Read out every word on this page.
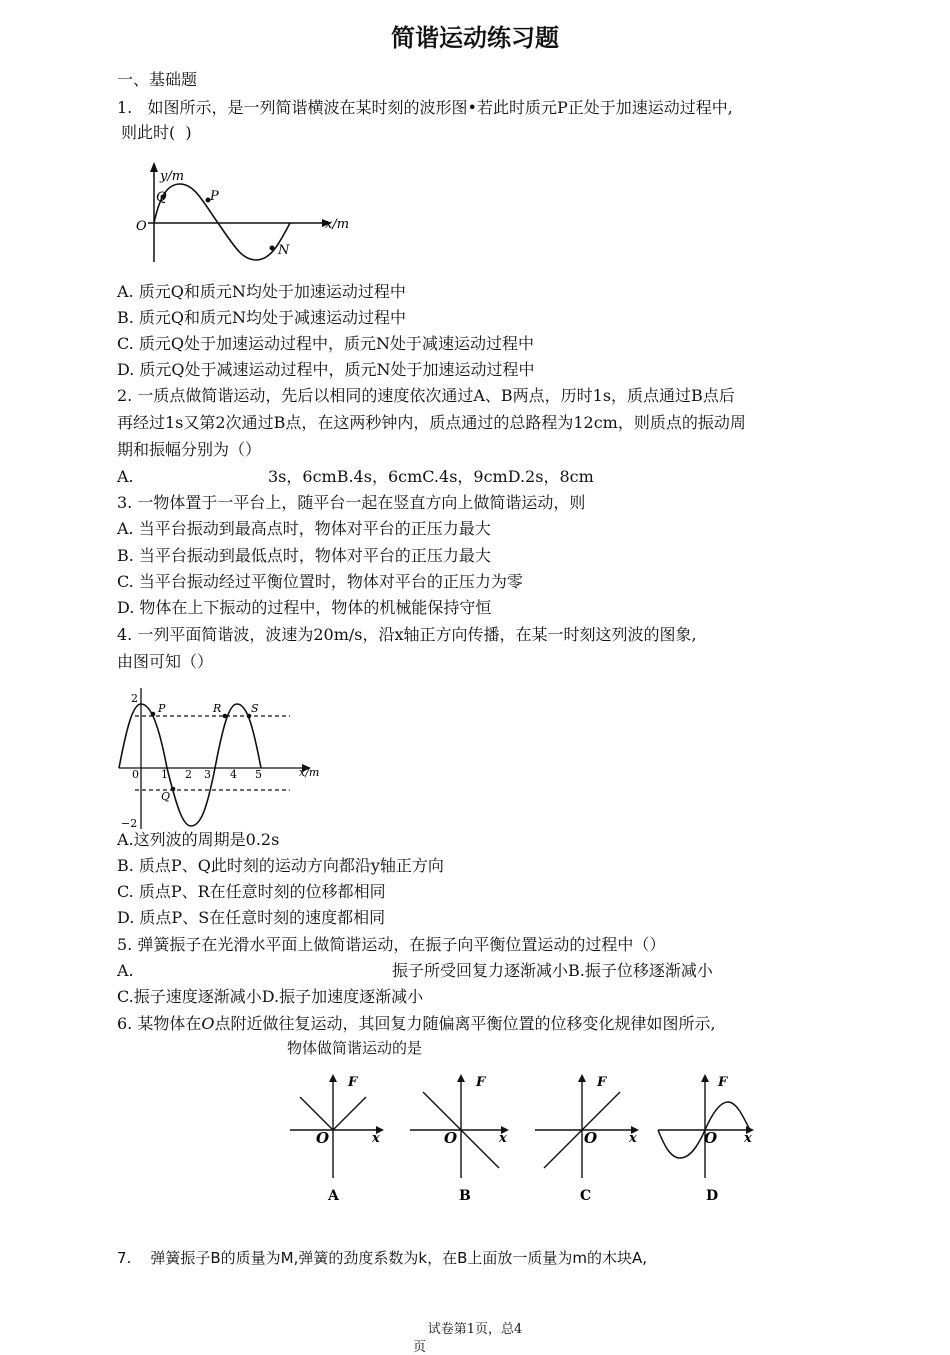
简谐运动练习题
一、基础题
1.   如图所示，是一列简谐横波在某时刻的波形图•若此时质元P正处于加速运动过程中,
则此时(  )
y/m
x/m
O
Q	P
N
A. 质元Q和质元N均处于加速运动过程中
B. 质元Q和质元N均处于减速运动过程中
C. 质元Q处于加速运动过程中，质元N处于减速运动过程中
D. 质元Q处于减速运动过程中，质元N处于加速运动过程中
2. 一质点做简谐运动，先后以相同的速度依次通过A、B两点，历时1s，质点通过B点后
再经过1s又第2次通过B点，在这两秒钟内，质点通过的总路程为12cm，则质点的振动周
期和振幅分别为（）
A.	3s，6cmB.4s，6cmC.4s，9cmD.2s，8cm
3. 一物体置于一平台上，随平台一起在竖直方向上做简谐运动，则
A. 当平台振动到最高点时，物体对平台的正压力最大
B. 当平台振动到最低点时，物体对平台的正压力最大
C. 当平台振动经过平衡位置时，物体对平台的正压力为零
D. 物体在上下振动的过程中，物体的机械能保持守恒
4. 一列平面简谐波，波速为20m/s，沿x轴正方向传播，在某一时刻这列波的图象,
由图可知（）
2
−2
0 1 2 3 4 5	x/m
P	R	S
Q
A.这列波的周期是0.2s
B. 质点P、Q此时刻的运动方向都沿y轴正方向
C. 质点P、R在任意时刻的位移都相同
D. 质点P、S在任意时刻的速度都相同
5. 弹簧振子在光滑水平面上做简谐运动，在振子向平衡位置运动的过程中（）
A.	振子所受回复力逐渐减小B.振子位移逐渐减小
C.振子速度逐渐减小D.振子加速度逐渐减小
6. 某物体在O点附近做往复运动，其回复力随偏离平衡位置的位移变化规律如图所示,
物体做简谐运动的是
F
O	x
A
F
O	x
B
F
O x
C
F
O x
D
7.    弹簧振子B的质量为M,弹簧的劲度系数为k，在B上面放一质量为m的木块A,
试卷第1页，总4
页
